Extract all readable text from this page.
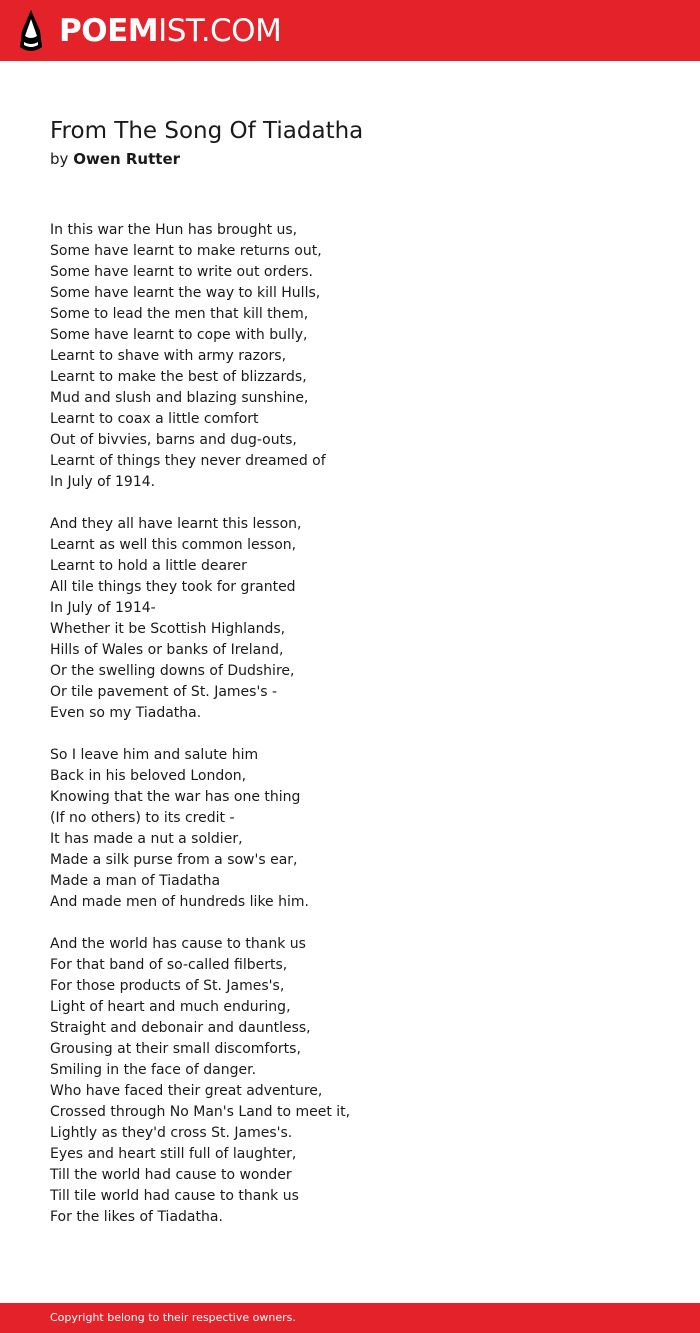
POEMIST.COM
From The Song Of Tiadatha
by Owen Rutter
In this war the Hun has brought us,
Some have learnt to make returns out,
Some have learnt to write out orders.
Some have learnt the way to kill Hulls,
Some to lead the men that kill them,
Some have learnt to cope with bully,
Learnt to shave with army razors,
Learnt to make the best of blizzards,
Mud and slush and blazing sunshine,
Learnt to coax a little comfort
Out of bivvies, barns and dug-outs,
Learnt of things they never dreamed of
In July of 1914.
And they all have learnt this lesson,
Learnt as well this common lesson,
Learnt to hold a little dearer
All tile things they took for granted
In July of 1914-
Whether it be Scottish Highlands,
Hills of Wales or banks of Ireland,
Or the swelling downs of Dudshire,
Or tile pavement of St. James's -
Even so my Tiadatha.
So I leave him and salute him
Back in his beloved London,
Knowing that the war has one thing
(If no others) to its credit -
It has made a nut a soldier,
Made a silk purse from a sow's ear,
Made a man of Tiadatha
And made men of hundreds like him.
And the world has cause to thank us
For that band of so-called filberts,
For those products of St. James's,
Light of heart and much enduring,
Straight and debonair and dauntless,
Grousing at their small discomforts,
Smiling in the face of danger.
Who have faced their great adventure,
Crossed through No Man's Land to meet it,
Lightly as they'd cross St. James's.
Eyes and heart still full of laughter,
Till the world had cause to wonder
Till tile world had cause to thank us
For the likes of Tiadatha.
Copyright belong to their respective owners.
